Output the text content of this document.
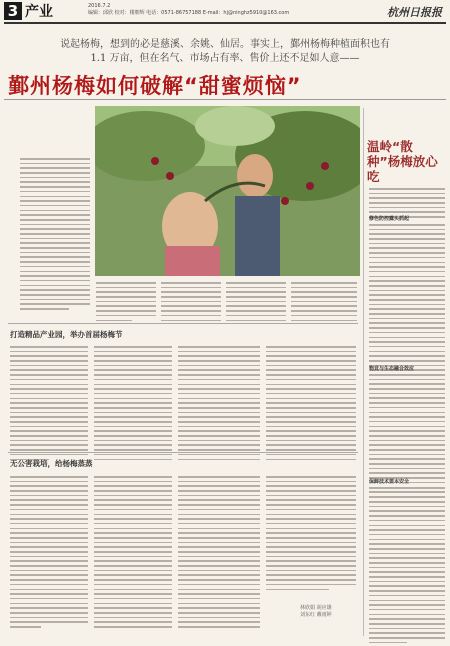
3 产业	2016.7.2
编辑：邱欣 校对：楼朝辉 电话：0571-86757188 E-mail：hj@ninghz5910@163.com	杭州日报报
说起杨梅，想到的必是慈溪、余姚、仙居。事实上，鄞州杨梅种植面积也有 1.1 万亩，但在名气、市场占有率、售价上还不足如人意——
鄞州杨梅如何破解“甜蜜烦恼”
打造精品产业园，举办首届杨梅节
无公害栽培，给杨梅蒸蒸
林欣娟 胡应雄
刘东红 戴雨婷
温岭“散种”杨梅放心吃
修色防控露头抓起
物竞与生态融合效应
保鲜技术要本安全
